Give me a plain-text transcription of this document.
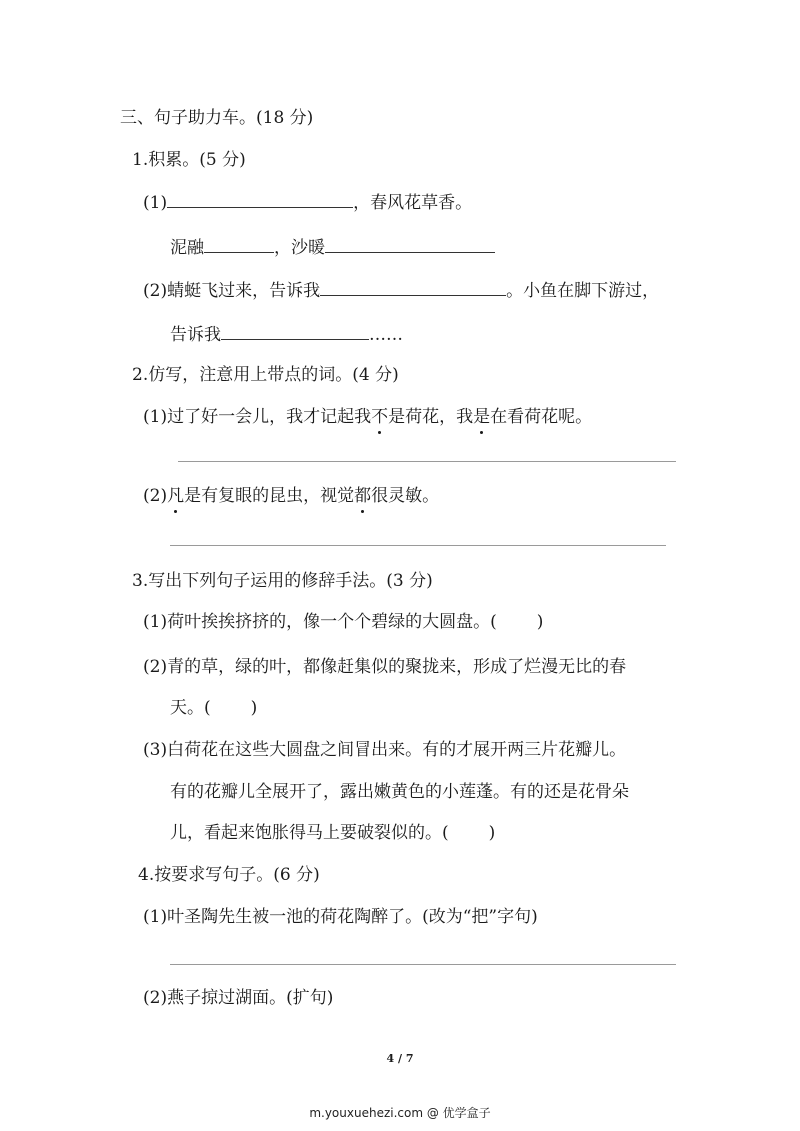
三、句子助力车。(18 分)
1.积累。(5 分)
(1)	，春风花草香。
泥融	，沙暖
(2)蜻蜓飞过来，告诉我	。小鱼在脚下游过，
告诉我	……
2.仿写，注意用上带点的词。(4 分)
(1)过了好一会儿，我才记起我不是荷花，我是在看荷花呢。
(2)凡是有复眼的昆虫，视觉都很灵敏。
3.写出下列句子运用的修辞手法。(3 分)
(1)荷叶挨挨挤挤的，像一个个碧绿的大圆盘。( )
(2)青的草，绿的叶，都像赶集似的聚拢来，形成了烂漫无比的春
天。( )
(3)白荷花在这些大圆盘之间冒出来。有的才展开两三片花瓣儿。
有的花瓣儿全展开了，露出嫩黄色的小莲蓬。有的还是花骨朵
儿，看起来饱胀得马上要破裂似的。( )
4.按要求写句子。(6 分)
(1)叶圣陶先生被一池的荷花陶醉了。(改为“把”字句)
(2)燕子掠过湖面。(扩句)
4 / 7
m.youxuehezi.com @ 优学盒子
